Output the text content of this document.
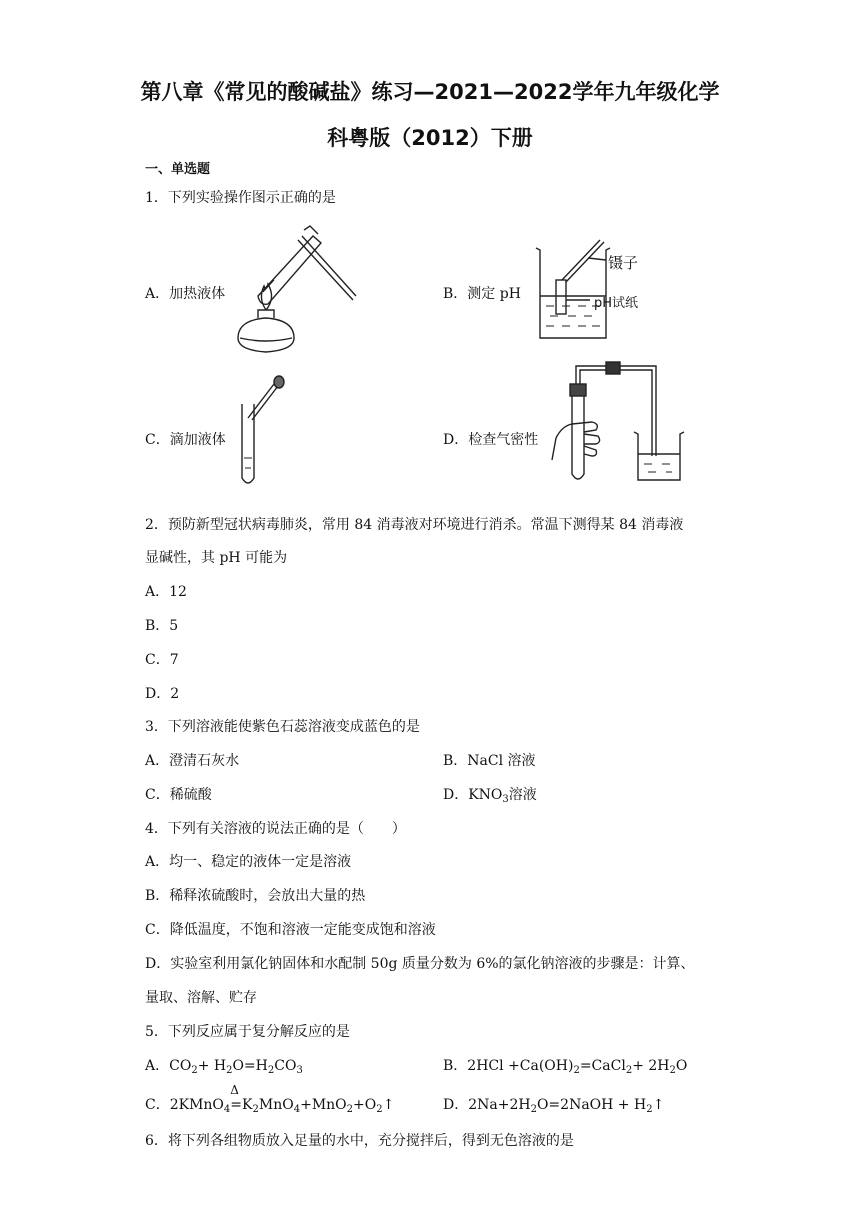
第八章《常见的酸碱盐》练习—2021—2022学年九年级化学
科粤版（2012）下册
一、单选题
1．下列实验操作图示正确的是
A．加热液体	B．测定 pH
镊子
pH试纸
C．滴加液体	D．检查气密性
2．预防新型冠状病毒肺炎，常用 84 消毒液对环境进行消杀。常温下测得某 84 消毒液
显碱性，其 pH 可能为
A．12
B．5
C．7
D．2
3．下列溶液能使紫色石蕊溶液变成蓝色的是
A．澄清石灰水	B．NaCl 溶液
C．稀硫酸	D．$KNO_3$溶液
4．下列有关溶液的说法正确的是（　　）
A．均一、稳定的液体一定是溶液
B．稀释浓硫酸时，会放出大量的热
C．降低温度，不饱和溶液一定能变成饱和溶液
D．实验室利用氯化钠固体和水配制 50g 质量分数为 6%的氯化钠溶液的步骤是：计算、
量取、溶解、贮存
5．下列反应属于复分解反应的是
A．$CO_2+ H_2O=H_2CO_3$	B．$2HCl +Ca(OH)_2=CaCl_2+ 2H_2O$
C．2KMnO$_4$
Δ
$=K_2MnO_4+MnO_2+O_2↑$	D．$2Na+2H_2O=2NaOH$ + $H_2↑$
6．将下列各组物质放入足量的水中，充分搅拌后，得到无色溶液的是
